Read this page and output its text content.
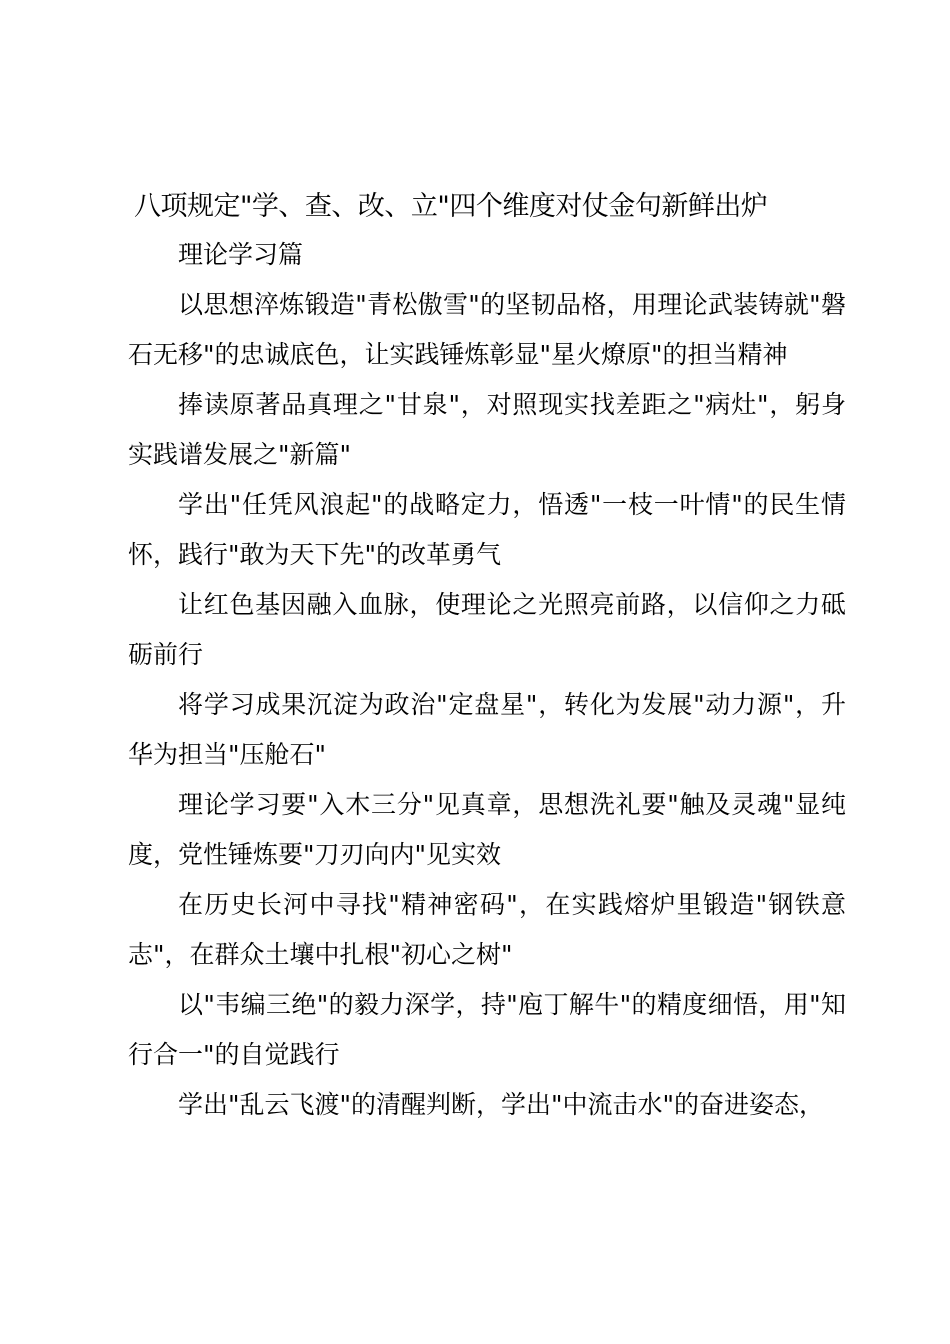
八项规定"学、查、改、立"四个维度对仗金句新鲜出炉

理论学习篇

以思想淬炼锻造"青松傲雪"的坚韧品格，用理论武装铸就"磐石无移"的忠诚底色，让实践锤炼彰显"星火燎原"的担当精神

捧读原著品真理之"甘泉"，对照现实找差距之"病灶"，躬身实践谱发展之"新篇"

学出"任凭风浪起"的战略定力，悟透"一枝一叶情"的民生情怀，践行"敢为天下先"的改革勇气

让红色基因融入血脉，使理论之光照亮前路，以信仰之力砥砺前行

将学习成果沉淀为政治"定盘星"，转化为发展"动力源"，升华为担当"压舱石"

理论学习要"入木三分"见真章，思想洗礼要"触及灵魂"显纯度，党性锤炼要"刀刃向内"见实效

在历史长河中寻找"精神密码"，在实践熔炉里锻造"钢铁意志"，在群众土壤中扎根"初心之树"

以"韦编三绝"的毅力深学，持"庖丁解牛"的精度细悟，用"知行合一"的自觉践行

学出"乱云飞渡"的清醒判断，学出"中流击水"的奋进姿态，
